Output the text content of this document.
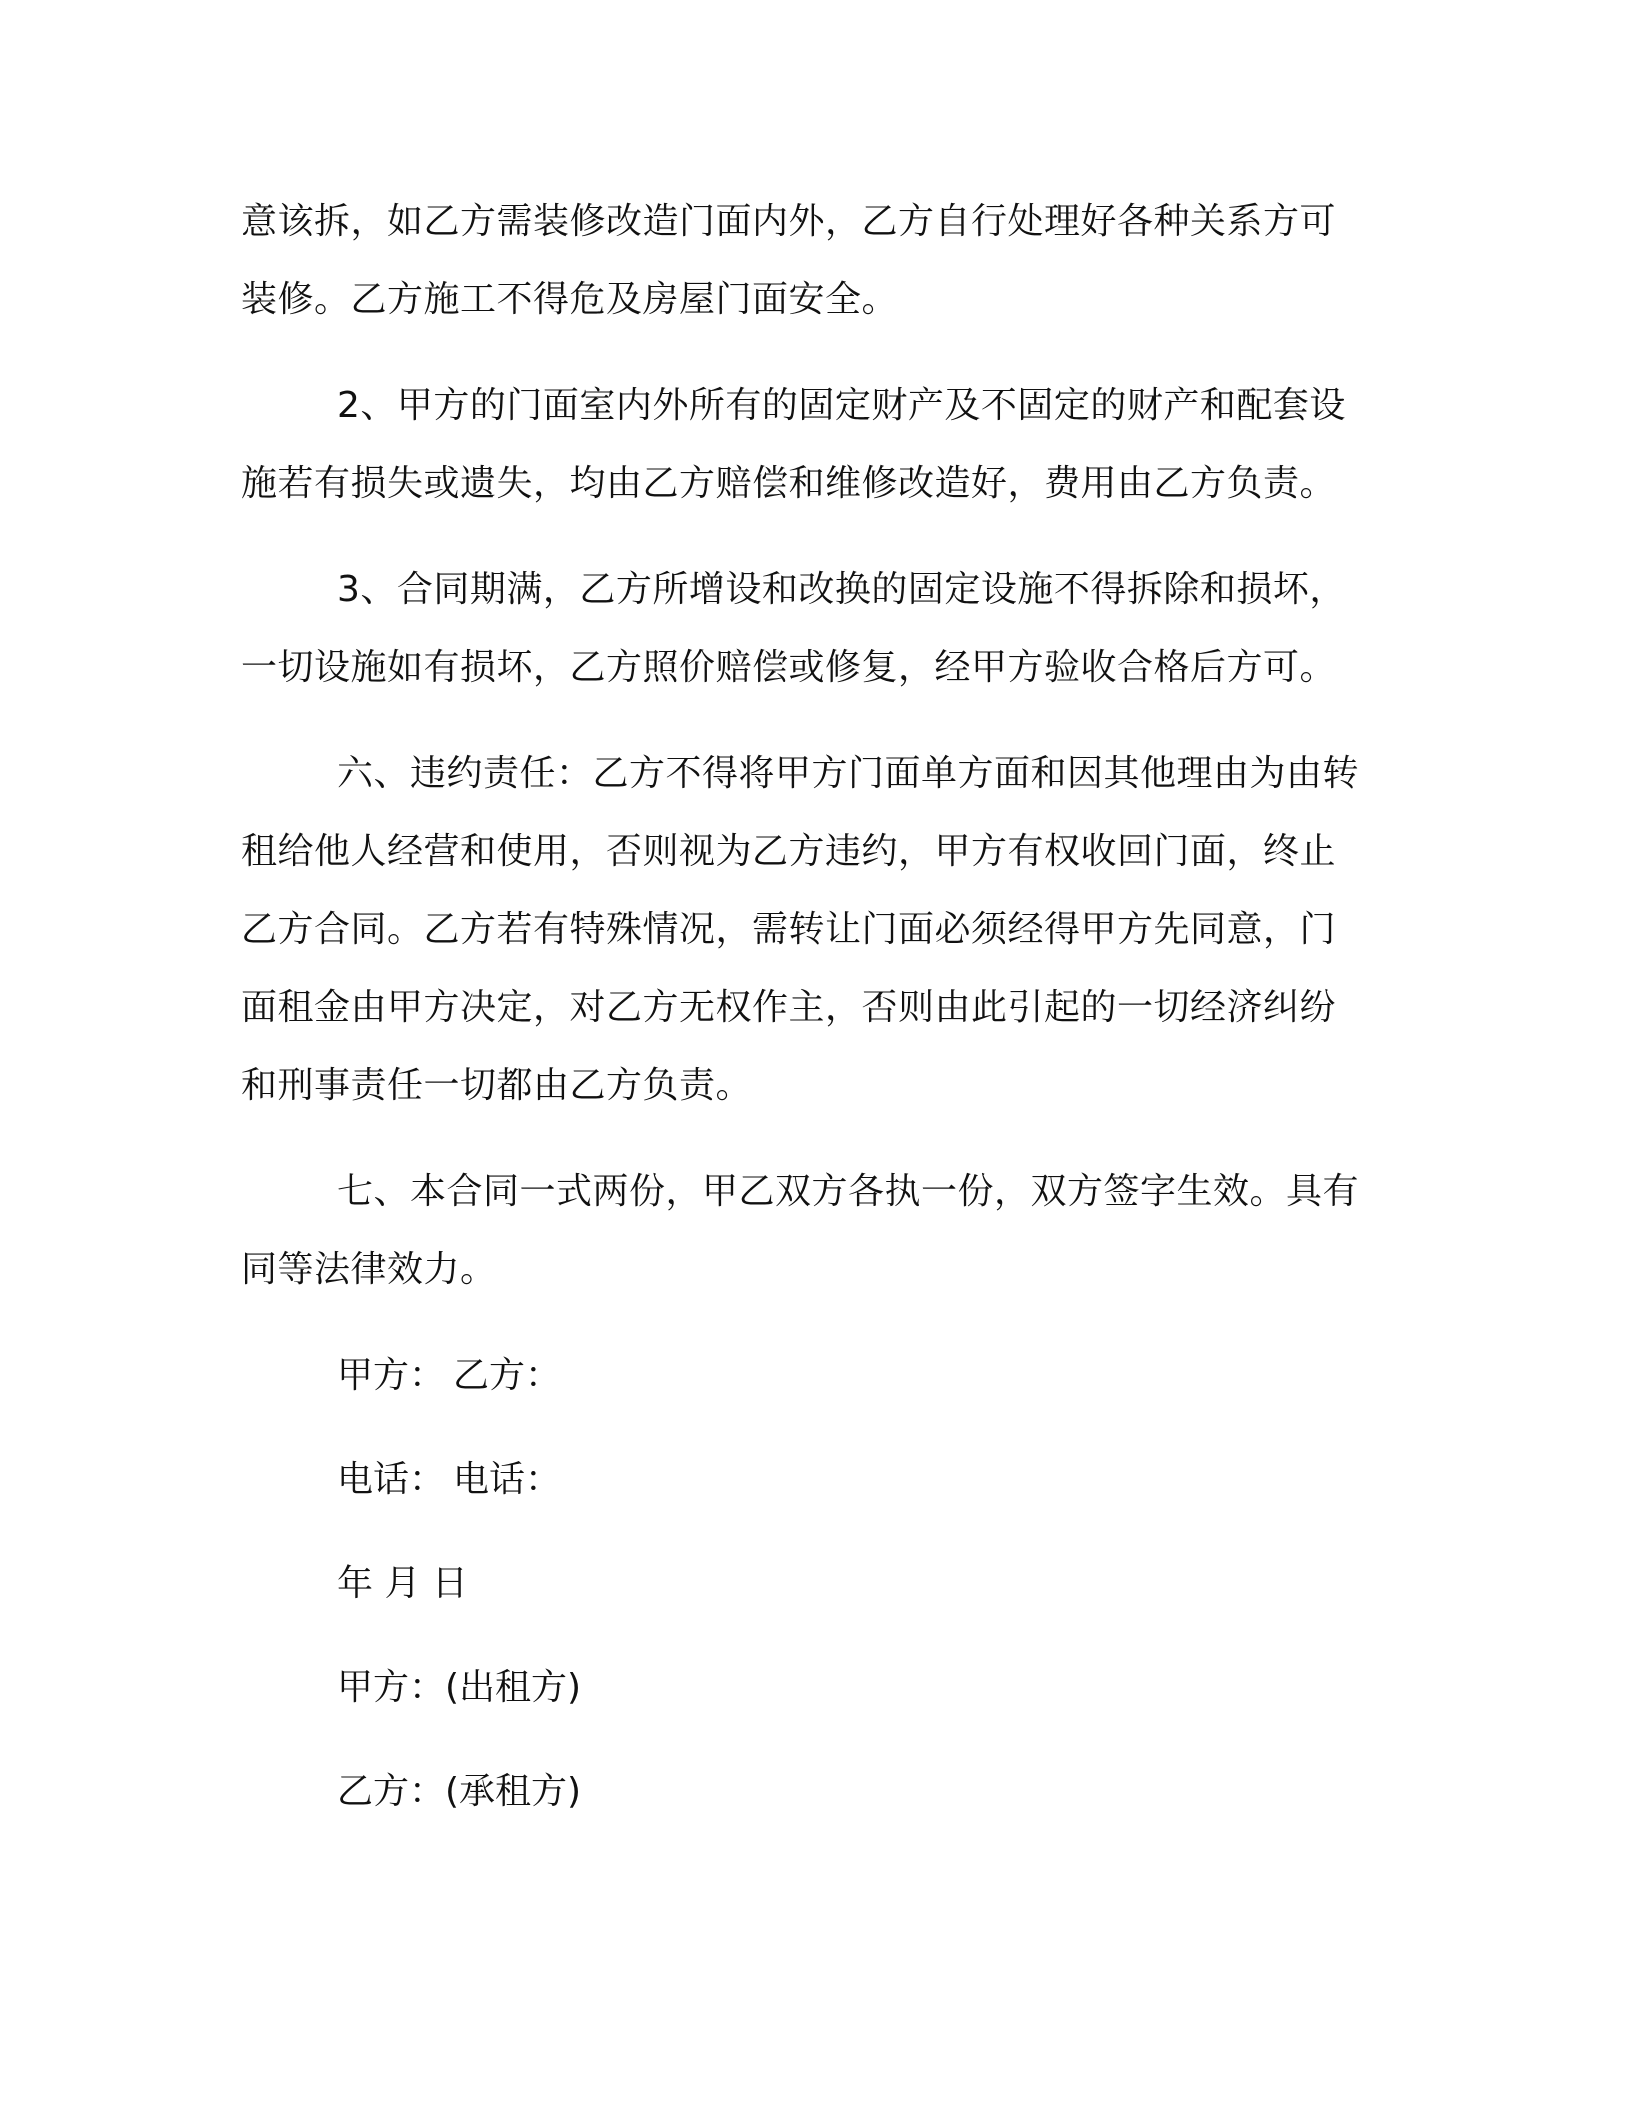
意该拆，如乙方需装修改造门面内外，乙方自行处理好各种关系方可

装修。乙方施工不得危及房屋门面安全。

2、甲方的门面室内外所有的固定财产及不固定的财产和配套设

施若有损失或遗失，均由乙方赔偿和维修改造好，费用由乙方负责。

3、合同期满，乙方所增设和改换的固定设施不得拆除和损坏，

一切设施如有损坏，乙方照价赔偿或修复，经甲方验收合格后方可。

六、违约责任：乙方不得将甲方门面单方面和因其他理由为由转

租给他人经营和使用，否则视为乙方违约，甲方有权收回门面，终止

乙方合同。乙方若有特殊情况，需转让门面必须经得甲方先同意，门

面租金由甲方决定，对乙方无权作主，否则由此引起的一切经济纠纷

和刑事责任一切都由乙方负责。

七、本合同一式两份，甲乙双方各执一份，双方签字生效。具有

同等法律效力。

甲方： 乙方：
电话： 电话：
年 月 日
甲方：(出租方)
乙方：(承租方)
